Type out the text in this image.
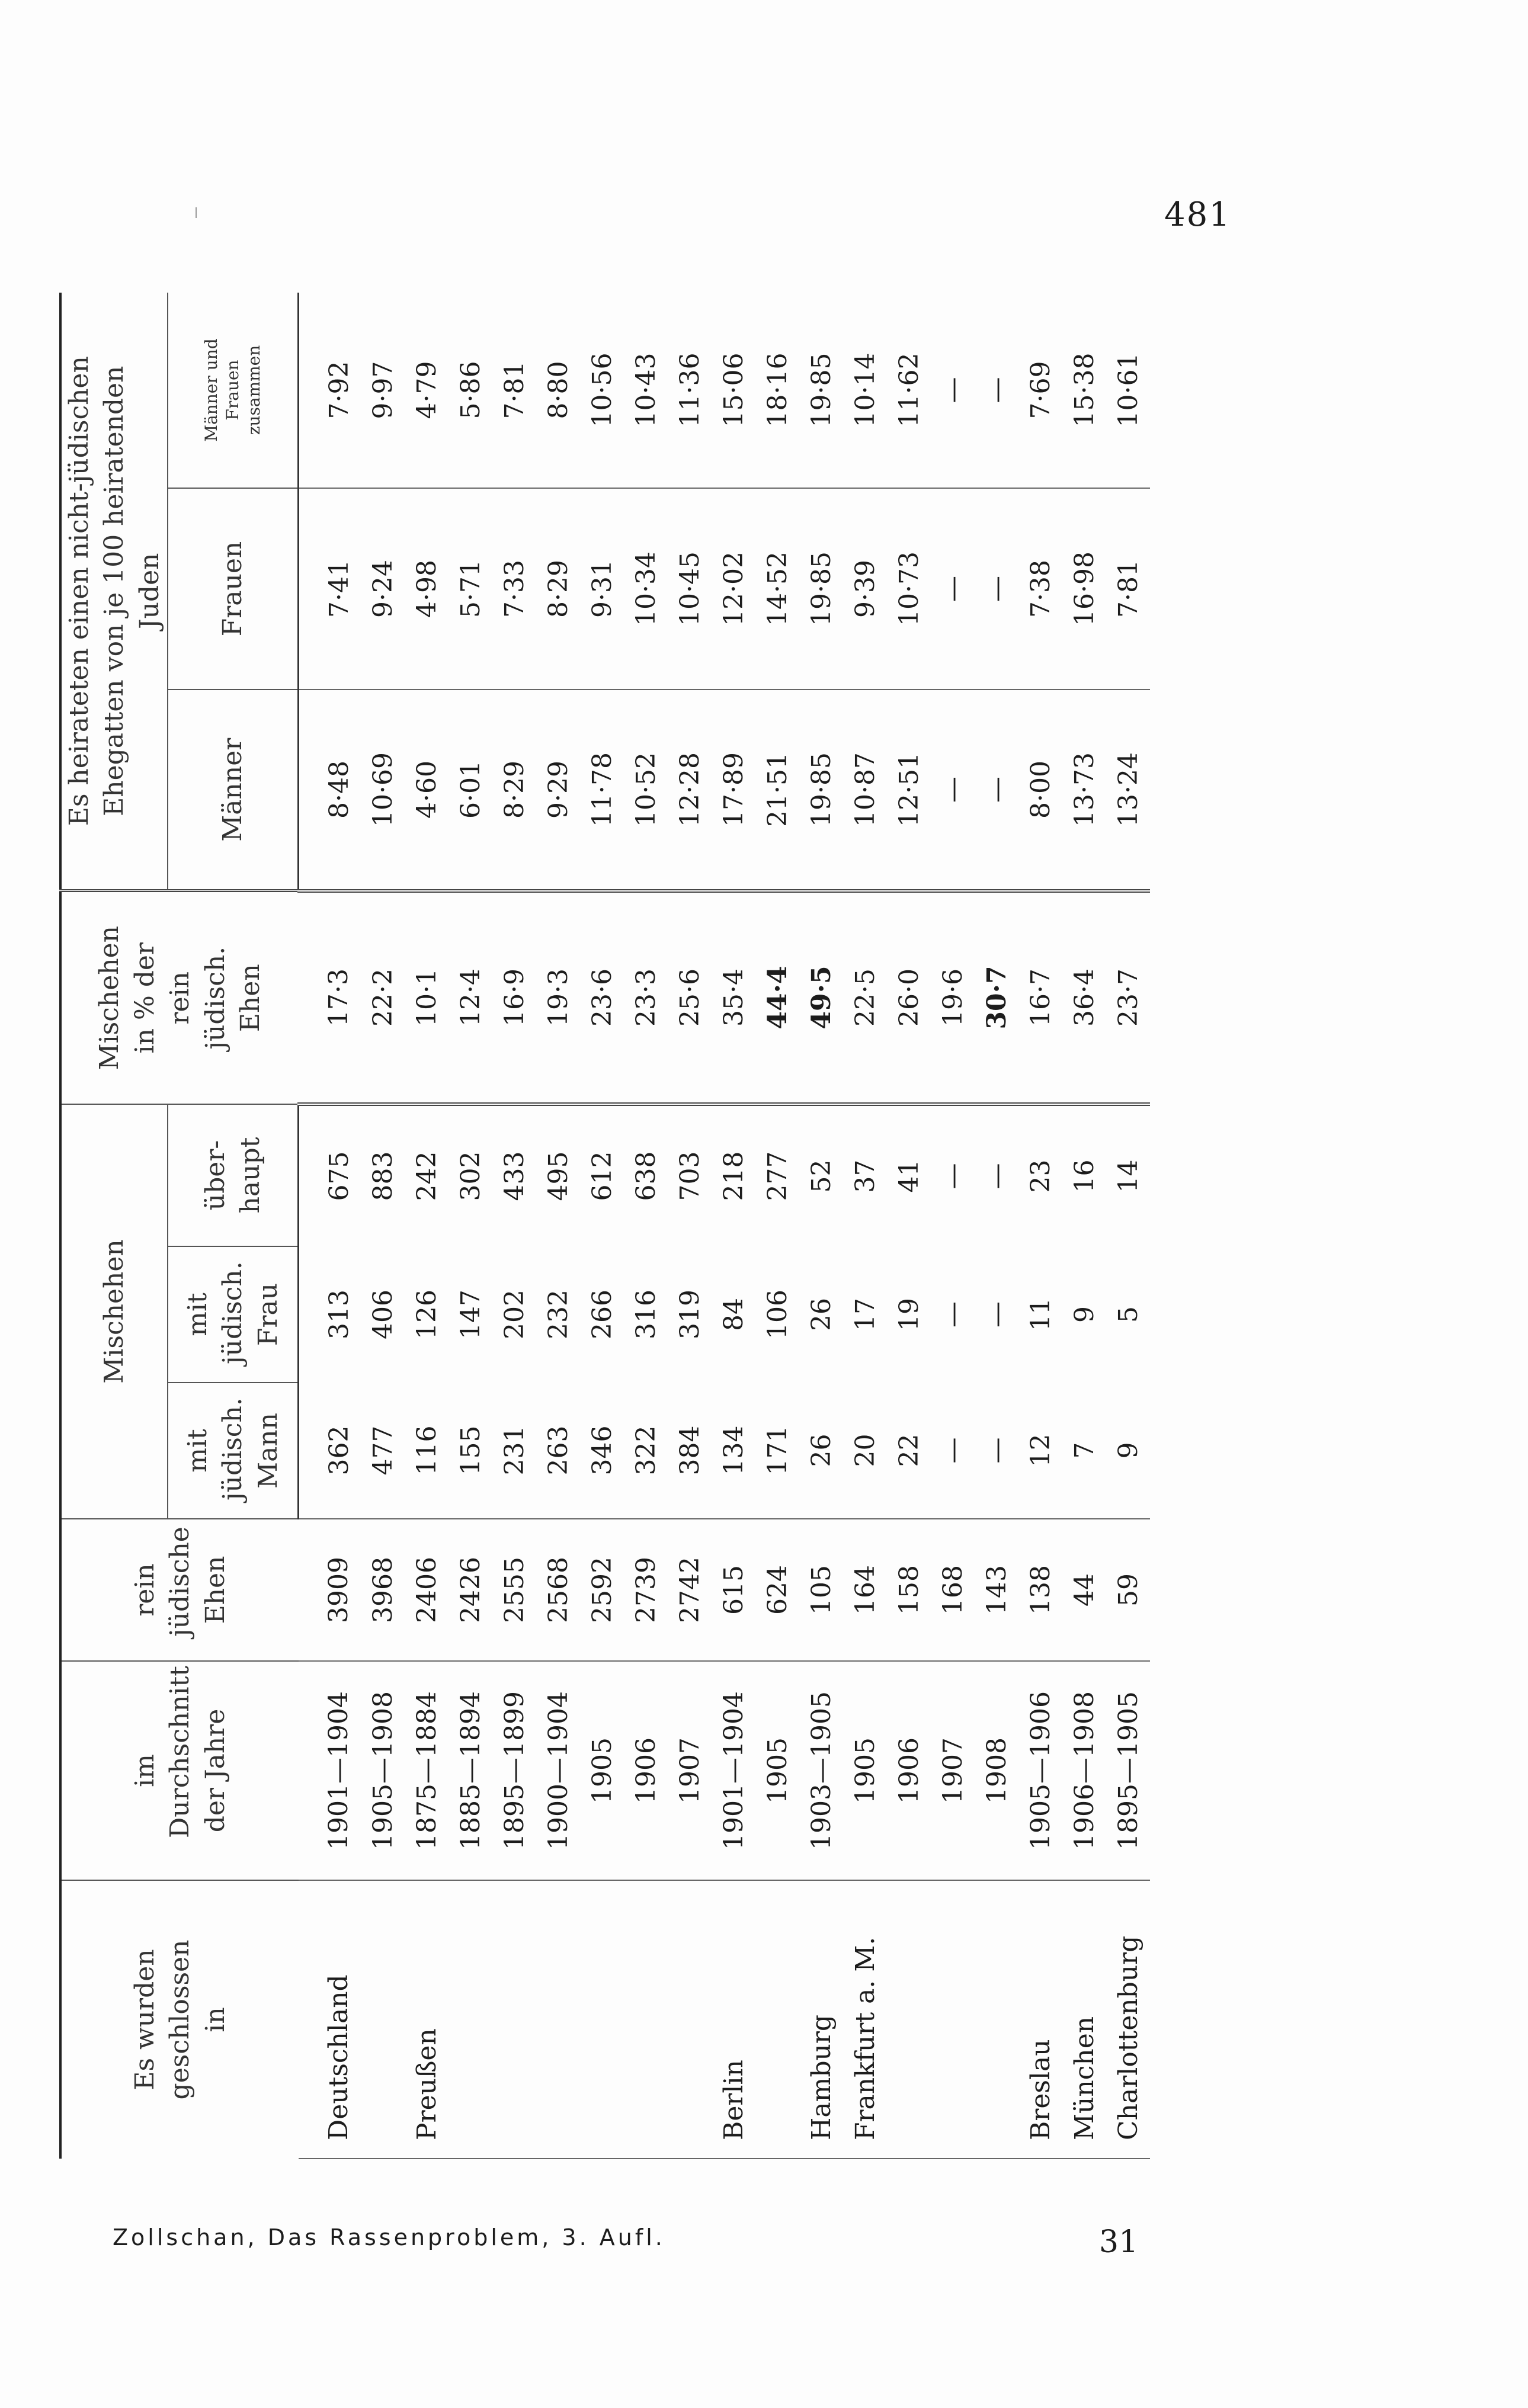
481
Es wurden geschlossen in	im Durchschnitt der Jahre	rein jüdische Ehen	Mischehen			Mischehen in % der rein jüdisch. Ehen	Es heirateten einen nicht-jüdischen Ehegatten von je 100 heiratenden Juden		
			mit jüdisch. Mann	mit jüdisch. Frau	über- haupt		Männer	Frauen	Männer und Frauen zusammen
Deutschland	1901—1904	3909	362	313	675	17·3	8·48	7·41	7·92
	1905—1908	3968	477	406	883	22·2	10·69	9·24	9·97
Preußen	1875—1884	2406	116	126	242	10·1	4·60	4·98	4·79
	1885—1894	2426	155	147	302	12·4	6·01	5·71	5·86
	1895—1899	2555	231	202	433	16·9	8·29	7·33	7·81
	1900—1904	2568	263	232	495	19·3	9·29	8·29	8·80
	1905	2592	346	266	612	23·6	11·78	9·31	10·56
	1906	2739	322	316	638	23·3	10·52	10·34	10·43
	1907	2742	384	319	703	25·6	12·28	10·45	11·36
Berlin	1901—1904	615	134	84	218	35·4	17·89	12·02	15·06
	1905	624	171	106	277	44·4	21·51	14·52	18·16
Hamburg	1903—1905	105	26	26	52	49·5	19·85	19·85	19·85
Frankfurt a. M.	1905	164	20	17	37	22·5	10·87	9·39	10·14
	1906	158	22	19	41	26·0	12·51	10·73	11·62
	1907	168	—	—	—	19·6	—	—	—
	1908	143	—	—	—	30·7	—	—	—
Breslau	1905—1906	138	12	11	23	16·7	8·00	7·38	7·69
München	1906—1908	44	7	9	16	36·4	13·73	16·98	15·38
Charlottenburg	1895—1905	59	9	5	14	23·7	13·24	7·81	10·61
Zollschan, Das Rassenproblem, 3. Aufl.	31
